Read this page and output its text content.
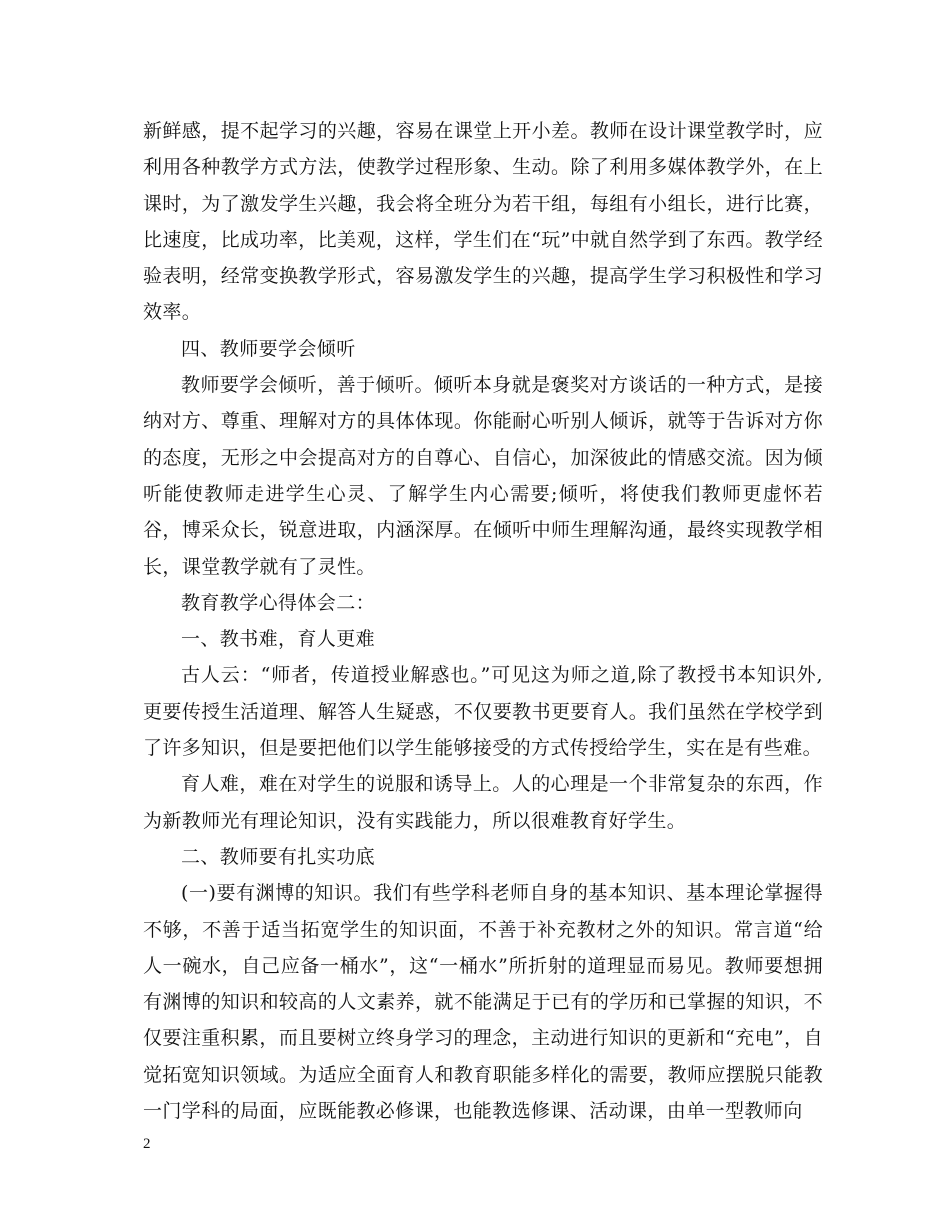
新鲜感，提不起学习的兴趣，容易在课堂上开小差。教师在设计课堂教学时，应利用各种教学方式方法，使教学过程形象、生动。除了利用多媒体教学外，在上课时，为了激发学生兴趣，我会将全班分为若干组，每组有小组长，进行比赛，比速度，比成功率，比美观，这样，学生们在“玩”中就自然学到了东西。教学经验表明，经常变换教学形式，容易激发学生的兴趣，提高学生学习积极性和学习效率。

四、教师要学会倾听

教师要学会倾听，善于倾听。倾听本身就是褒奖对方谈话的一种方式，是接纳对方、尊重、理解对方的具体体现。你能耐心听别人倾诉，就等于告诉对方你的态度，无形之中会提高对方的自尊心、自信心，加深彼此的情感交流。因为倾听能使教师走进学生心灵、了解学生内心需要;倾听，将使我们教师更虚怀若谷，博采众长，锐意进取，内涵深厚。在倾听中师生理解沟通，最终实现教学相长，课堂教学就有了灵性。

教育教学心得体会二：

一、教书难，育人更难

古人云：“师者，传道授业解惑也。”可见这为师之道,除了教授书本知识外,更要传授生活道理、解答人生疑惑，不仅要教书更要育人。我们虽然在学校学到了许多知识，但是要把他们以学生能够接受的方式传授给学生，实在是有些难。

育人难，难在对学生的说服和诱导上。人的心理是一个非常复杂的东西，作为新教师光有理论知识，没有实践能力，所以很难教育好学生。

二、教师要有扎实功底

(一)要有渊博的知识。我们有些学科老师自身的基本知识、基本理论掌握得不够，不善于适当拓宽学生的知识面，不善于补充教材之外的知识。常言道“给人一碗水，自己应备一桶水”，这“一桶水”所折射的道理显而易见。教师要想拥有渊博的知识和较高的人文素养，就不能满足于已有的学历和已掌握的知识，不仅要注重积累，而且要树立终身学习的理念，主动进行知识的更新和“充电”，自觉拓宽知识领域。为适应全面育人和教育职能多样化的需要，教师应摆脱只能教一门学科的局面，应既能教必修课，也能教选修课、活动课，由单一型教师向

2
